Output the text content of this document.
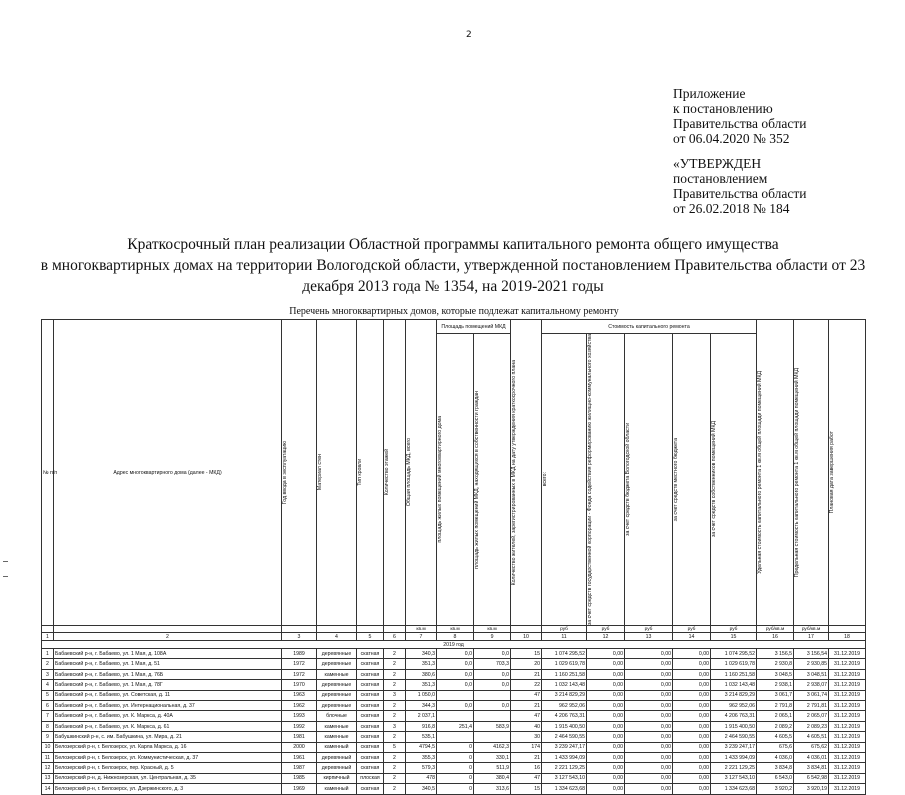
2
Приложение
к постановлению
Правительства области
от 06.04.2020 № 352
«УТВЕРЖДЕН
постановлением
Правительства области
от 26.02.2018 № 184
Краткосрочный план реализации Областной программы капитального ремонта общего имущества
в многоквартирных домах на территории Вологодской области, утвержденной постановлением Правительства области от 23
декабря 2013 года № 1354, на 2019-2021 годы
Перечень многоквартирных домов, которые подлежат капитальному ремонту
№ п/п	Адрес многоквартирного дома (далее - МКД)	Год ввода в эксплуатацию	Материал стен	Тип кровли	Количество этажей	Общая площадь МКД, всего	Площадь помещений МКД		Количество жителей, зарегистрированных в МКД на дату утверждения краткосрочного плана	Стоимость капитального ремонта					Удельная стоимость капитального ремонта 1 кв.м общей площади помещений МКД	Предельная стоимость капитального ремонта 1 кв.м общей площади помещений МКД	Плановая дата завершения работ

							площадь жилых помещений многоквартирного дома	площадь жилых помещений МКД, находящихся в собственности граждан		всего:	за счет средств государственной корпорации - Фонда содействия реформированию жилищно-коммунального хозяйства	за счет средств бюджета Вологодской области	за счет средств местного бюджета	за счет средств собственников помещений МКД			

						кв.м	кв.м	кв.м		руб	руб	руб	руб	руб	руб/кв.м	руб/кв.м	
1	2	3	4	5	6	7	8	9	10	11	12	13	14	15	16	17	18
2019 год																	
1	Бабаевский р-н, г. Бабаево, ул. 1 Мая, д. 108А	1989	деревянные	скатная	2	340,3	0,0	0,0	15	1 074 295,52	0,00	0,00	0,00	1 074 295,52	3 156,5	3 156,54	31.12.2019
2	Бабаевский р-н, г. Бабаево, ул. 1 Мая, д. 51	1972	деревянные	скатная	2	351,3	0,0	703,3	20	1 029 619,78	0,00	0,00	0,00	1 029 619,78	2 930,8	2 930,85	31.12.2019
3	Бабаевский р-н, г. Бабаево, ул. 1 Мая, д. 76Б	1972	каменные	скатная	2	380,6	0,0	0,0	21	1 160 251,58	0,00	0,00	0,00	1 160 251,58	3 048,5	3 048,51	31.12.2019
4	Бабаевский р-н, г. Бабаево, ул. 1 Мая, д. 78Г	1970	деревянные	скатная	2	351,3	0,0	0,0	22	1 032 143,48	0,00	0,00	0,00	1 032 143,48	2 938,1	2 938,07	31.12.2019
5	Бабаевский р-н, г. Бабаево, ул. Советская, д. 11	1963	деревянные	скатная	3	1 050,0			47	3 214 829,29	0,00	0,00	0,00	3 214 829,29	3 061,7	3 061,74	31.12.2019
6	Бабаевский р-н, г. Бабаево, ул. Интернациональная, д. 37	1962	деревянные	скатная	2	344,3	0,0	0,0	21	962 952,06	0,00	0,00	0,00	962 952,06	2 791,8	2 791,81	31.12.2019
7	Бабаевский р-н, г. Бабаево, ул. К. Маркса, д. 40А	1993	блочные	скатная	2	2 037,1			47	4 206 763,31	0,00	0,00	0,00	4 206 763,31	2 065,1	2 065,07	31.12.2019
8	Бабаевский р-н, г. Бабаево, ул. К. Маркса, д. 61	1992	каменные	скатная	3	916,8	251,4	583,9	40	1 915 400,50	0,00	0,00	0,00	1 915 400,50	2 089,2	2 089,23	31.12.2019
9	Бабушкинский р-н, с. им. Бабушкина, ул. Мира, д. 21	1981	каменные	скатная	2	535,1			30	2 464 590,55	0,00	0,00	0,00	2 464 590,55	4 605,5	4 605,51	31.12.2019
10	Белозерский р-н, г. Белозерск, ул. Карла Маркса, д. 16	2000	каменный	скатная	5	4794,5	0	4162,3	174	3 239 247,17	0,00	0,00	0,00	3 239 247,17	675,6	675,62	31.12.2019
11	Белозерский р-н, г. Белозерск, ул. Коммунистическая, д. 37	1961	деревянный	скатная	2	355,3	0	330,1	21	1 433 994,09	0,00	0,00	0,00	1 433 994,09	4 036,0	4 036,01	31.12.2019
12	Белозерский р-н, г. Белозерск, пер. Красный, д. 5	1987	деревянный	скатная	2	579,3	0	511,9	16	2 221 129,25	0,00	0,00	0,00	2 221 129,25	3 834,8	3 834,81	31.12.2019
13	Белозерский р-н, д. Нижнозерская, ул. Центральная, д. 35	1985	кирпичный	плоская	2	478	0	380,4	47	3 127 543,10	0,00	0,00	0,00	3 127 543,10	6 543,0	6 542,98	31.12.2019
14	Белозерский р-н, г. Белозерск, ул. Дзержинского, д. 3	1969	каменный	скатная	2	340,5	0	313,6	15	1 334 623,68	0,00	0,00	0,00	1 334 623,68	3 920,2	3 920,19	31.12.2019
